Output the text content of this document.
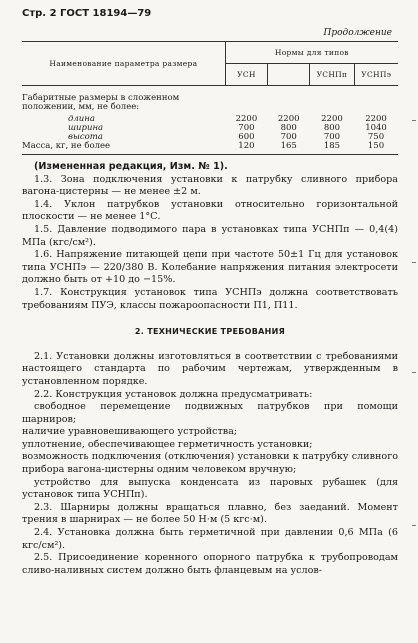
Стр. 2 ГОСТ 18194—79
Продолжение
Наименование параметра размера	Нормы для типов			
	УСН		УСНПп	УСНПэ
Габаритные размеры в сложенном				
положении, мм, не более:				
длина	2200	2200	2200	2200
ширина	700	800	800	1040
высота	600	700	700	750
Масса, кг, не более	120	165	185	150

(Измененная редакция, Изм. № 1).

1.3. Зона подключения установки к патрубку сливного прибора вагона-цистерны — не менее ±2 м.

1.4. Уклон патрубков установки относительно горизонтальной плоскости — не менее 1°С.

1.5. Давление подводимого пара в установках типа УСНПп — 0,4(4) МПа (кгс/см²).

1.6. Напряжение питающей цепи при частоте 50±1 Гц для установок типа УСНПэ — 220/380 В. Колебание напряжения питания электросети должно быть от +10 до −15%.

1.7. Конструкция установок типа УСНПэ должна соответствовать требованиям ПУЭ, классы пожароопасности П1, П11.

2. ТЕХНИЧЕСКИЕ ТРЕБОВАНИЯ

2.1. Установки должны изготовляться в соответствии с требованиями настоящего стандарта по рабочим чертежам, утвержденным в установленном порядке.

2.2. Конструкция установок должна предусматривать:

свободное перемещение подвижных патрубков при помощи шарниров;

наличие уравновешивающего устройства;

уплотнение, обеспечивающее герметичность установки;

возможность подключения (отключения) установки к патрубку сливного прибора вагона-цистерны одним человеком вручную;

устройство для выпуска конденсата из паровых рубашек (для установок типа УСНПп).

2.3. Шарниры должны вращаться плавно, без заеданий. Момент трения в шарнирах — не более 50 Н·м (5 кгс·м).

2.4. Установка должна быть герметичной при давлении 0,6 МПа (6 кгс/см²).

2.5. Присоединение коренного опорного патрубка к трубопроводам сливо-наливных систем должно быть фланцевым на услов-
